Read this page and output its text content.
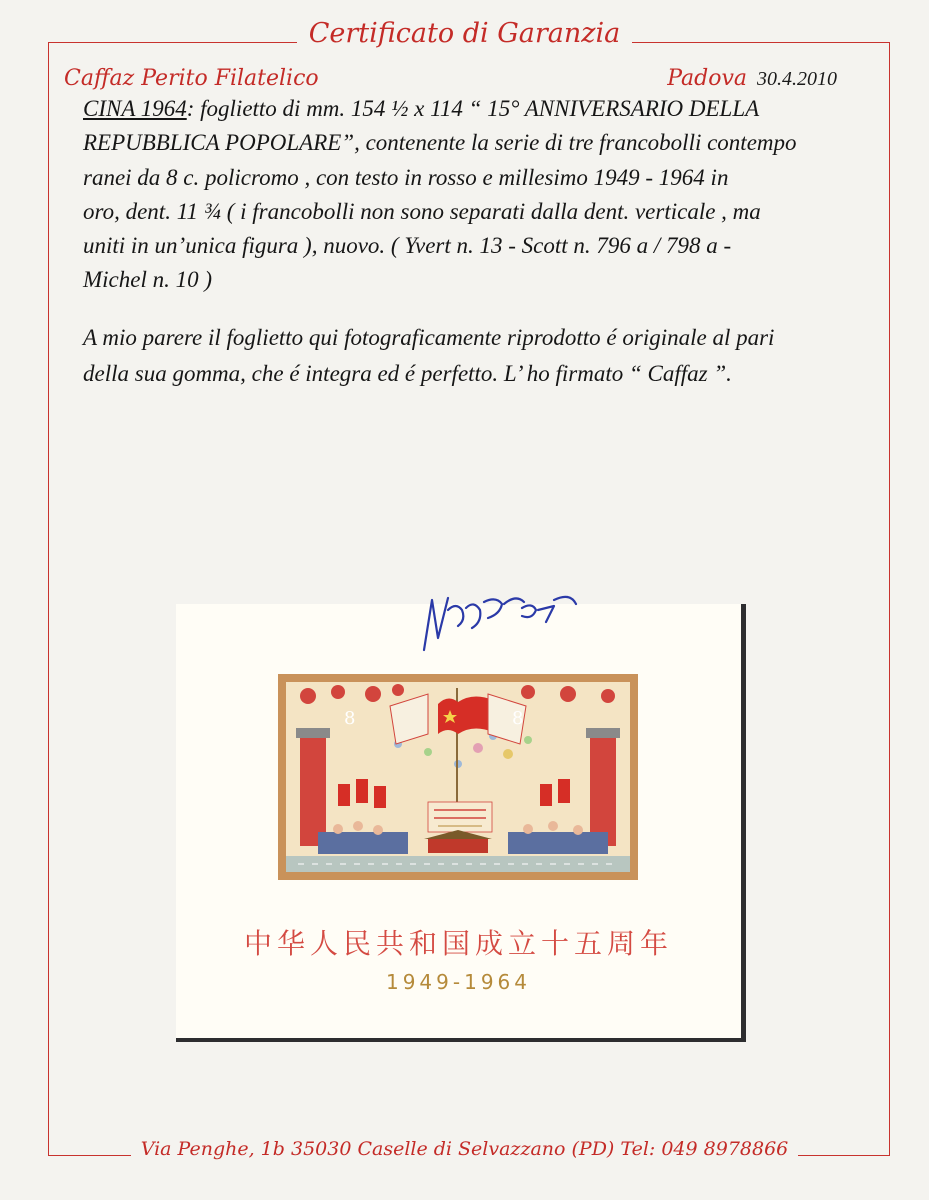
Certificato di Garanzia
Caffaz Perito Filatelico	Padova 30.4.2010
CINA 1964: foglietto di mm. 154 ½ x 114 “ 15° ANNIVERSARIO DELLA
REPUBBLICA POPOLARE”, contenente la serie di tre francobolli contempo
ranei da 8 c. policromo , con testo in rosso e millesimo 1949 - 1964 in
oro, dent. 11 ¾ ( i francobolli non sono separati dalla dent. verticale , ma
uniti in un’unica figura ), nuovo. ( Yvert n. 13 - Scott n. 796 a / 798 a -
Michel n. 10 )
A mio parere il foglietto qui fotograficamente riprodotto é originale al pari
della sua gomma, che é integra ed é perfetto. L’ ho firmato “ Caffaz ”.
8	8
中华人民共和国成立十五周年
1949-1964
Via Penghe, 1b 35030 Caselle di Selvazzano (PD) Tel: 049 8978866
